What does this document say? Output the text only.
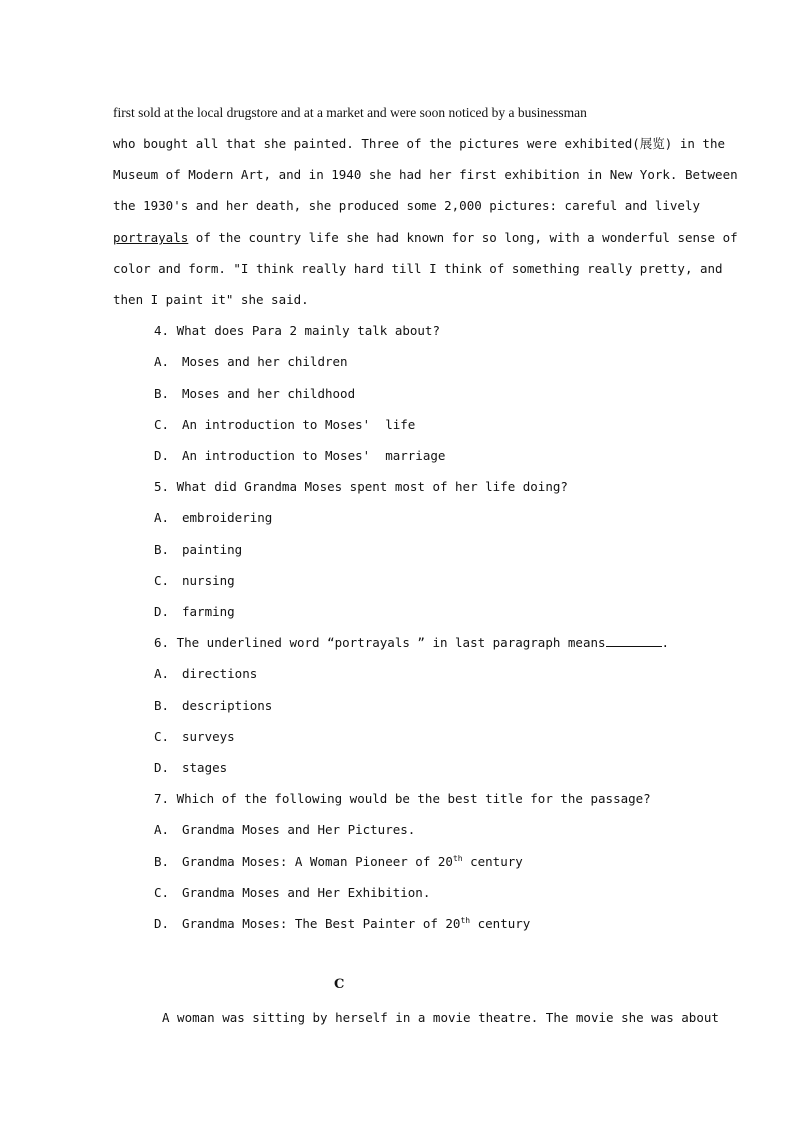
first sold at the local drugstore and at a market and were soon noticed by a businessman
who bought all that she painted. Three of the pictures were exhibited(展览) in the
Museum of Modern Art, and in 1940 she had her first exhibition in New York. Between
the 1930's and her death, she produced some 2,000 pictures: careful and lively
portrayals of the country life she had known for so long, with a wonderful sense of
color and form. "I think really hard till I think of something really pretty, and
then I paint it" she said.
4. What does Para 2 mainly talk about?
A. Moses and her children
B. Moses and her childhood
C. An introduction to Moses'  life
D. An introduction to Moses'  marriage
5. What did Grandma Moses spent most of her life doing?
A. embroidering
B. painting
C. nursing
D. farming
6. The underlined word “portrayals ” in last paragraph means	.
A. directions
B. descriptions
C. surveys
D. stages
7. Which of the following would be the best title for the passage?
A. Grandma Moses and Her Pictures.
B. Grandma Moses: A Woman Pioneer of 20th century
C. Grandma Moses and Her Exhibition.
D. Grandma Moses: The Best Painter of 20th century
C
A woman was sitting by herself in a movie theatre. The movie she was about
